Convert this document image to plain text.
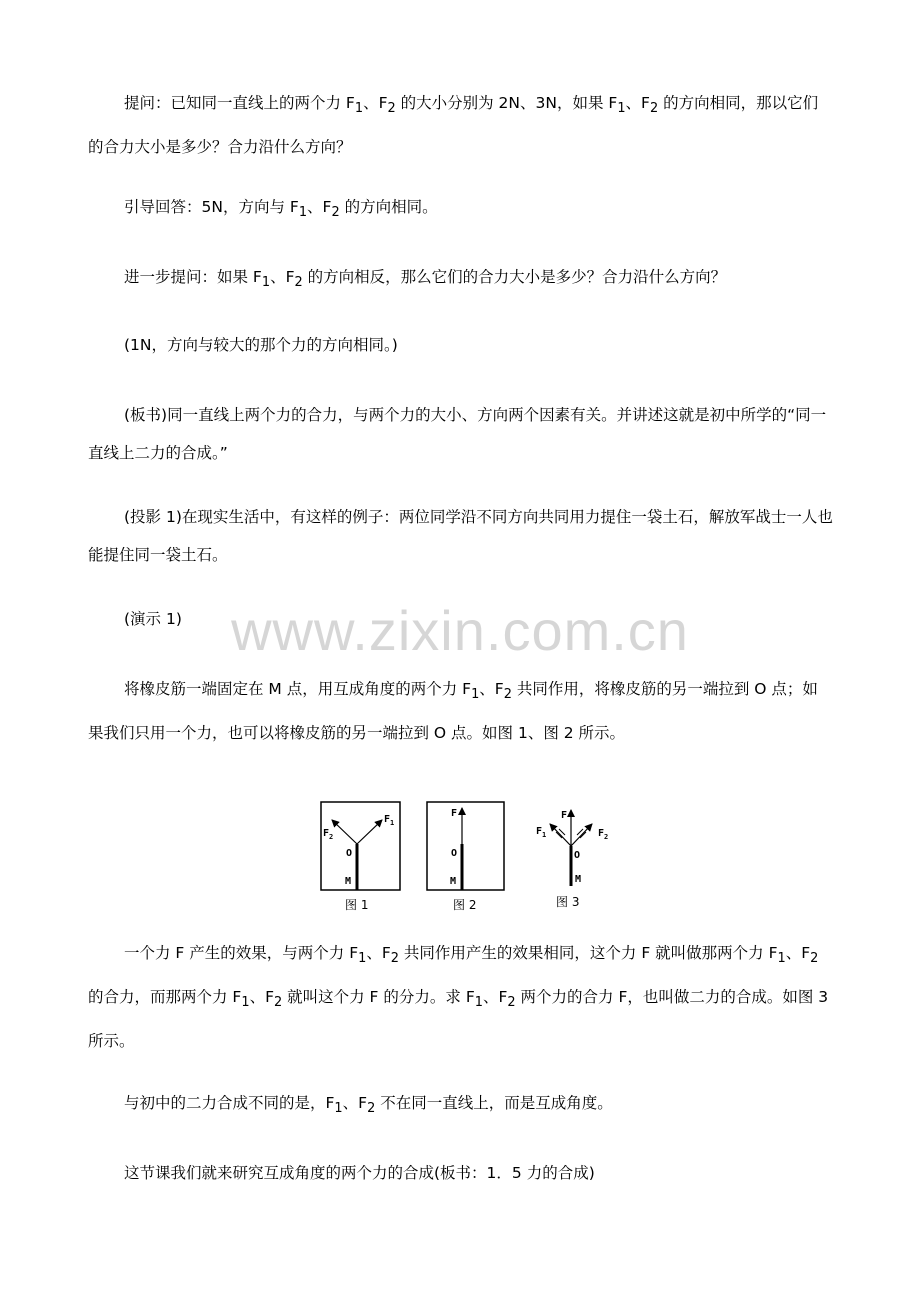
提问：已知同一直线上的两个力 $F_1$、$F_2$ 的大小分别为 2N、3N，如果 $F_1$、$F_2$ 的方向相同，那以它们的合力大小是多少？合力沿什么方向？

引导回答：5N，方向与 $F_1$、$F_2$ 的方向相同。

进一步提问：如果 $F_1$、$F_2$ 的方向相反，那么它们的合力大小是多少？合力沿什么方向？

(1N，方向与较大的那个力的方向相同。)

(板书)同一直线上两个力的合力，与两个力的大小、方向两个因素有关。并讲述这就是初中所学的“同一直线上二力的合成。”

(投影 1)在现实生活中，有这样的例子：两位同学沿不同方向共同用力提住一袋土石，解放军战士一人也能提住同一袋土石。

(演示 1)

将橡皮筋一端固定在 M 点，用互成角度的两个力 $F_1$、$F_2$ 共同作用，将橡皮筋的另一端拉到 O 点；如果我们只用一个力，也可以将橡皮筋的另一端拉到 O 点。如图 1、图 2 所示。

一个力 F 产生的效果，与两个力 $F_1$、$F_2$ 共同作用产生的效果相同，这个力 F 就叫做那两个力 $F_1$、$F_2$ 的合力，而那两个力 $F_1$、$F_2$ 就叫这个力 F 的分力。求 $F_1$、$F_2$ 两个力的合力 F，也叫做二力的合成。如图 3 所示。

与初中的二力合成不同的是，$F_1$、$F_2$ 不在同一直线上，而是互成角度。

这节课我们就来研究互成角度的两个力的合成(板书：1．5 力的合成)

www.zixin.com.cn
$F_1$
$F_2$
O
M
图 1
F
O
M
图 2
F
$F_1$	$F_2$
O
M
图 3
